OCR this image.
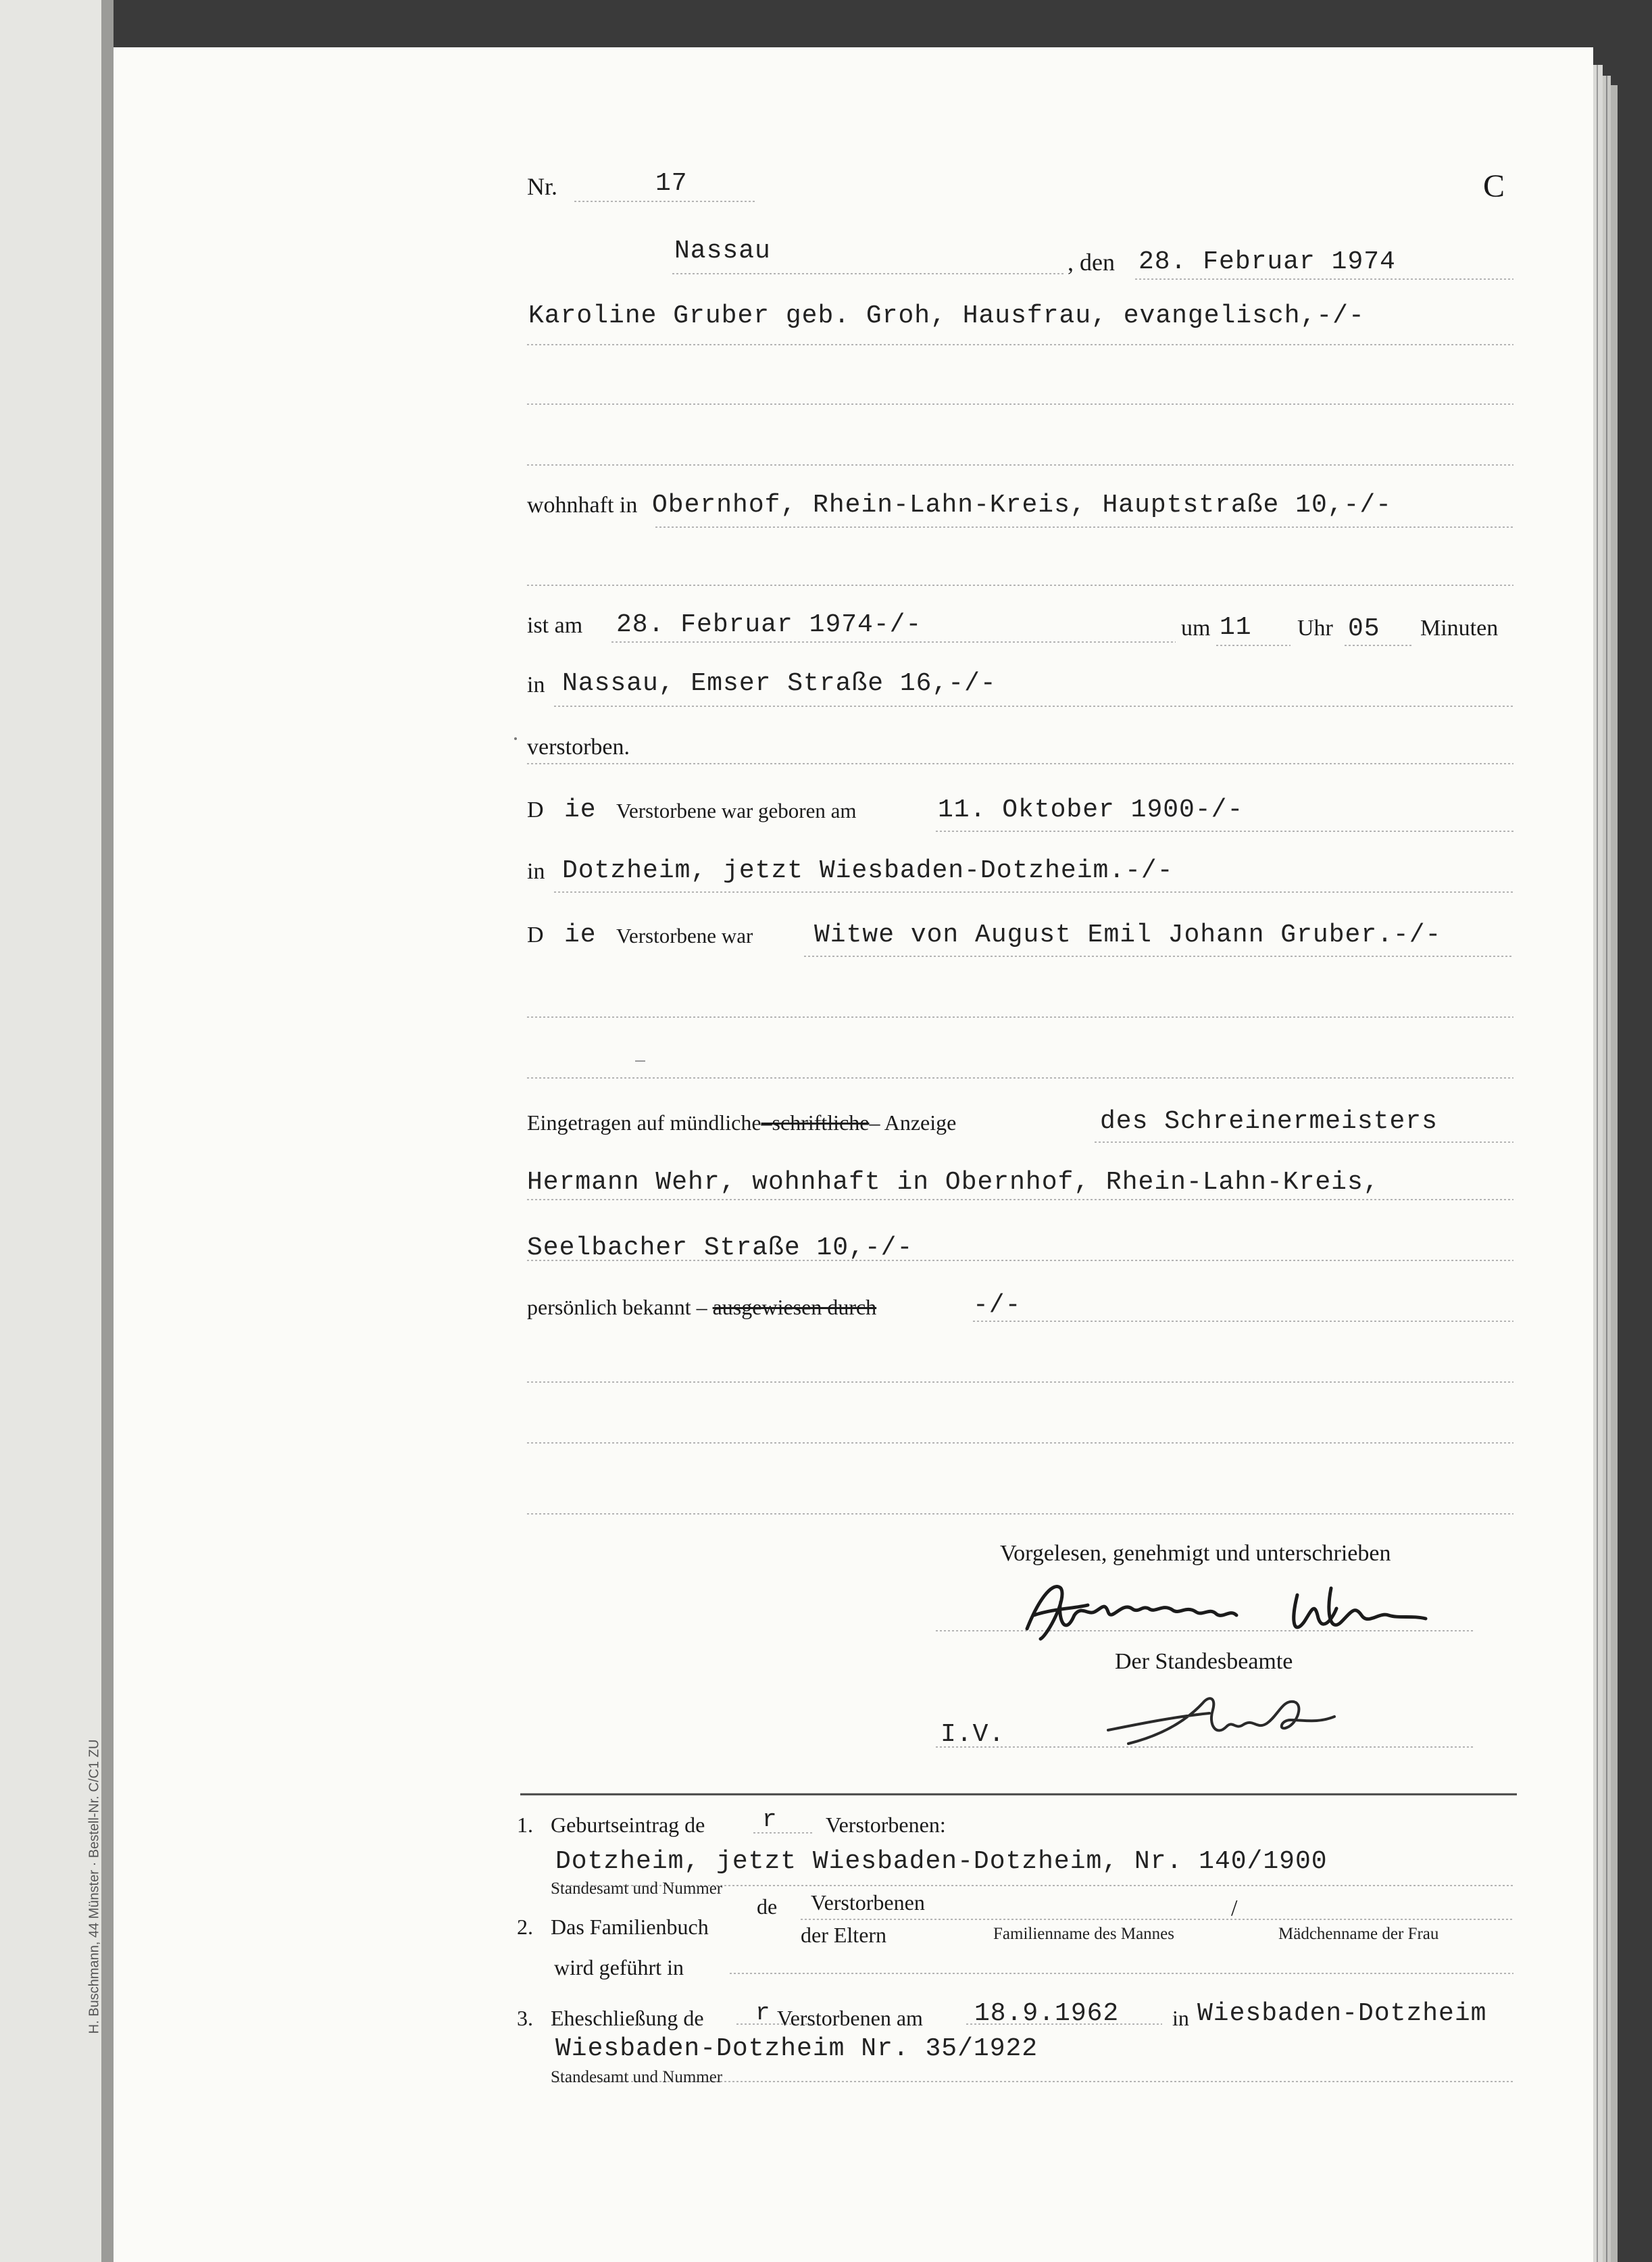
Nr.	17	C
Nassau	, den 28. Februar 1974
Karoline Gruber geb. Groh, Hausfrau, evangelisch,-/-
wohnhaft in Obernhof, Rhein-Lahn-Kreis, Hauptstraße 10,-/-
ist am 28. Februar 1974-/-	um 11 Uhr 05 Minuten
in Nassau, Emser Straße 16,-/-
verstorben.
D ie Verstorbene war geboren am	11. Oktober 1900-/-
in Dotzheim, jetzt Wiesbaden-Dotzheim.-/-
D ie Verstorbene war Witwe von August Emil Johann Gruber.-/-
Eingetragen auf mündliche–schriftliche– Anzeige	des Schreinermeisters
Hermann Wehr, wohnhaft in Obernhof, Rhein-Lahn-Kreis,
Seelbacher Straße 10,-/-
persönlich bekannt – ausgewiesen durch	-/-
Vorgelesen, genehmigt und unterschrieben
Der Standesbeamte
I.V.
1. Geburtseintrag de r Verstorbenen:
Dotzheim, jetzt Wiesbaden-Dotzheim, Nr. 140/1900
Standesamt und Nummer
2. Das Familienbuch
de Verstorbenen
der Eltern
/
Familienname des Mannes	Mädchenname der Frau
wird geführt in
3. Eheschließung de r Verstorbenen am 18.9.1962 in Wiesbaden-Dotzheim
Wiesbaden-Dotzheim Nr. 35/1922
Standesamt und Nummer
H. Buschmann, 44 Münster · Bestell-Nr. C/C1 ZU
